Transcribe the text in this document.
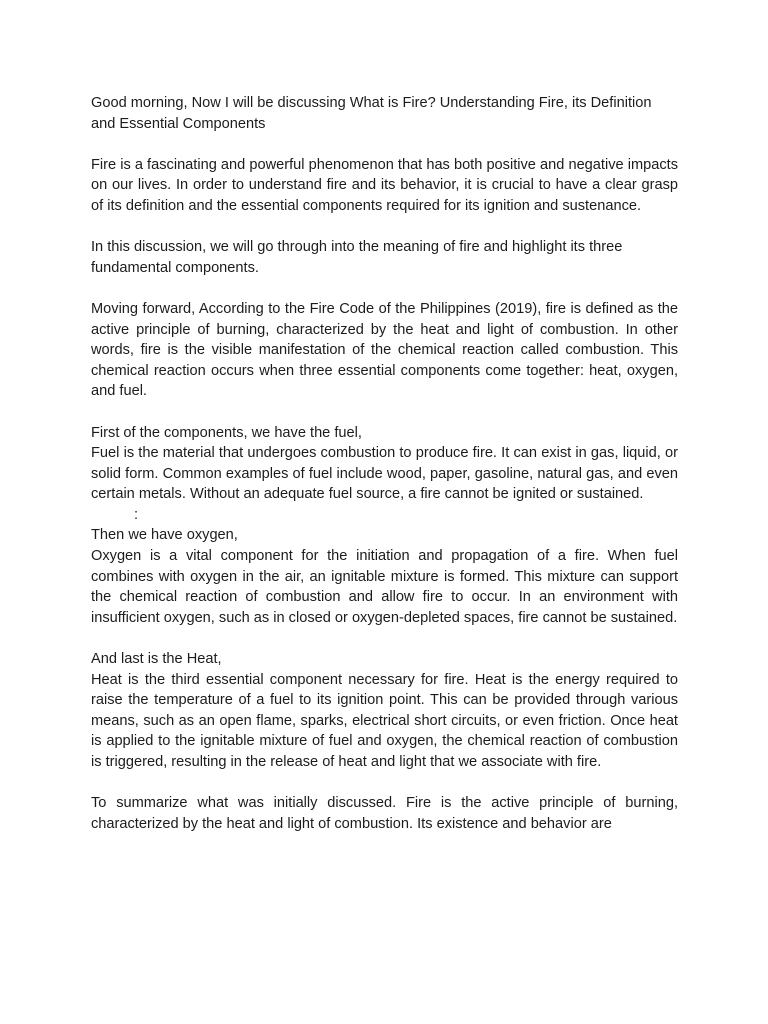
Good morning, Now I will be discussing What is Fire? Understanding Fire, its Definition and Essential Components

Fire is a fascinating and powerful phenomenon that has both positive and negative impacts on our lives. In order to understand fire and its behavior, it is crucial to have a clear grasp of its definition and the essential components required for its ignition and sustenance.

In this discussion, we will go through into the meaning of fire and highlight its three fundamental components.

Moving forward, According to the Fire Code of the Philippines (2019), fire is defined as the active principle of burning, characterized by the heat and light of combustion. In other words, fire is the visible manifestation of the chemical reaction called combustion. This chemical reaction occurs when three essential components come together: heat, oxygen, and fuel.

First of the components, we have the fuel,

Fuel is the material that undergoes combustion to produce fire. It can exist in gas, liquid, or solid form. Common examples of fuel include wood, paper, gasoline, natural gas, and even certain metals. Without an adequate fuel source, a fire cannot be ignited or sustained.

:

Then we have oxygen,

Oxygen is a vital component for the initiation and propagation of a fire. When fuel combines with oxygen in the air, an ignitable mixture is formed. This mixture can support the chemical reaction of combustion and allow fire to occur. In an environment with insufficient oxygen, such as in closed or oxygen-depleted spaces, fire cannot be sustained.

And last is the Heat,

Heat is the third essential component necessary for fire. Heat is the energy required to raise the temperature of a fuel to its ignition point. This can be provided through various means, such as an open flame, sparks, electrical short circuits, or even friction. Once heat is applied to the ignitable mixture of fuel and oxygen, the chemical reaction of combustion is triggered, resulting in the release of heat and light that we associate with fire.

To summarize what was initially discussed. Fire is the active principle of burning, characterized by the heat and light of combustion. Its existence and behavior are
